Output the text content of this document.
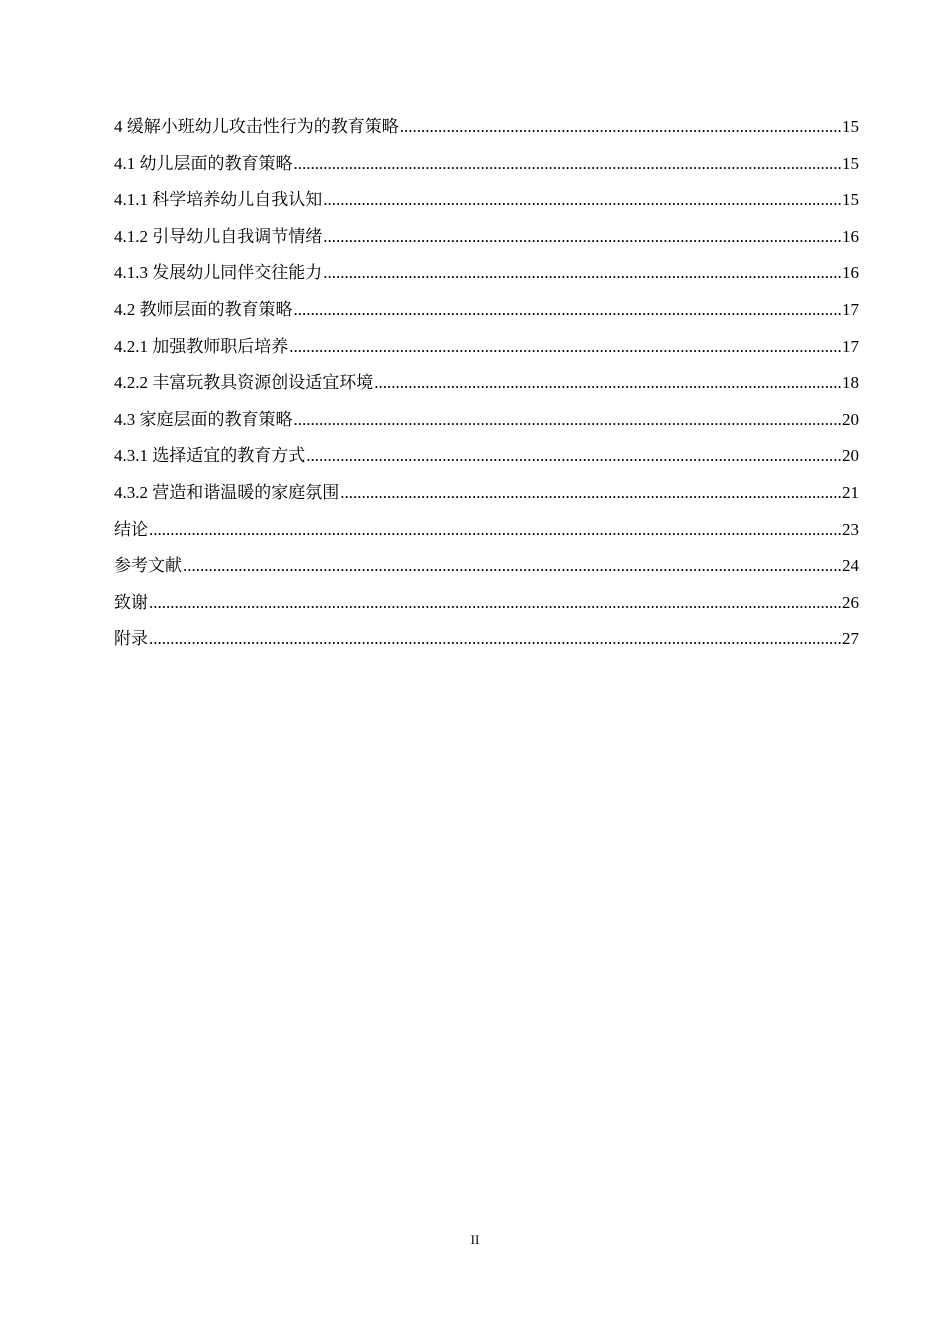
4 缓解小班幼儿攻击性行为的教育策略 .....	15
4.1 幼儿层面的教育策略 .....	15
4.1.1 科学培养幼儿自我认知 .....	15
4.1.2 引导幼儿自我调节情绪 .....	16
4.1.3 发展幼儿同伴交往能力 .....	16
4.2 教师层面的教育策略 .....	17
4.2.1 加强教师职后培养 .....	17
4.2.2 丰富玩教具资源创设适宜环境 .....	18
4.3 家庭层面的教育策略 .....	20
4.3.1 选择适宜的教育方式 .....	20
4.3.2 营造和谐温暖的家庭氛围 .....	21
结论 .....	23
参考文献 .....	24
致谢 .....	26
附录 .....	27
II
